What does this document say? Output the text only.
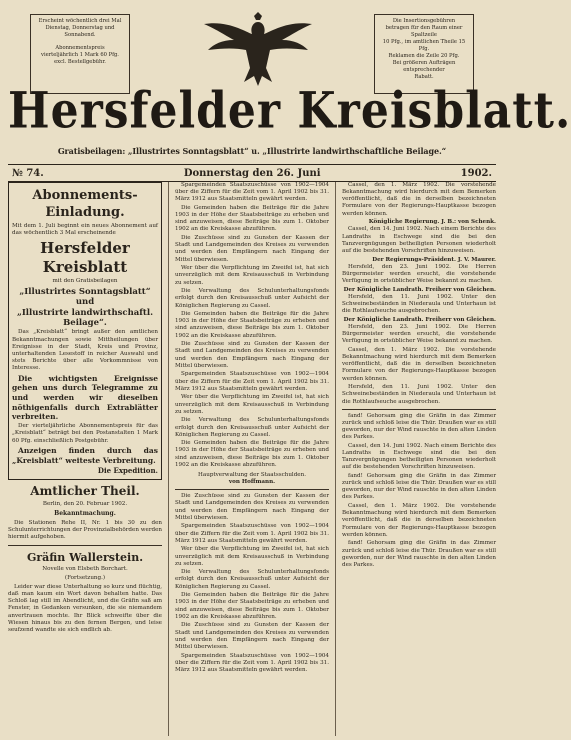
Erscheint wöchentlich drei Mal

Dienstag, Donnerstag und Sonnabend.

Abonnementspreis

vierteljährlich 1 Mark 60 Pfg.

excl. Bestellgebühr.

Die Insertionsgebühren

betragen für den Raum einer Spaltzeile

10 Pfg., im amtlichen Theile 15 Pfg.

Reklamen die Zeile 20 Pfg.

Bei größeren Aufträgen entsprechender

Rabatt.

Hersfelder Kreisblatt.
Gratisbeilagen: „Illustrirtes Sonntagsblatt“ u. „Illustrirte landwirthschaftliche Beilage.“
№ 74.	Donnerstag den 26. Juni	1902.
Abonnements-Einladung.

Mit dem 1. Juli beginnt ein neues Abonnement auf das wöchentlich 3 Mal erscheinende

Hersfelder Kreisblatt
mit den Gratisbeilagen
„Illustrirtes Sonntagsblatt“ und
„Illustrirte landwirthschaftl. Beilage“.

Das „Kreisblatt“ bringt außer den amtlichen Bekanntmachungen sowie Mittheilungen über Ereignisse in der Stadt, Kreis und Provinz, unterhaltenden Lesestoff in reicher Auswahl und stets Berichte über alle Vorkommnisse von Interesse.

Die wichtigsten Ereignisse gehen uns durch Telegramme zu und werden wir dieselben nöthigenfalls durch Extrablätter verbreiten.

Der vierteljährliche Abonnementspreis für das „Kreisblatt“ beträgt bei den Postanstalten 1 Mark 60 Pfg. einschließlich Postgebühr.

Anzeigen finden durch das „Kreisblatt“ weiteste Verbreitung.

Die Expedition.
Amtlicher Theil.
Berlin, den 20. Februar 1902.
Bekanntmachung.

Die Stationen Rehe II, Nr. 1 bis 30 zu den Schulunterrichtungen der Provinzialbehörden werden hiermit aufgehoben.

Gräfin Wallerstein.
Novelle von Elsbeth Borchart.
(Fortsetzung.)

Leider war diese Unterhaltung so kurz und flüchtig, daß man kaum ein Wort davon behalten hatte. Das Schloß lag still im Abendlicht, und die Gräfin saß am Fenster, in Gedanken versunken, die sie niemandem anvertrauen mochte. Ihr Blick schweifte über die Wiesen hinaus bis zu den fernen Bergen, und leise seufzend wandte sie sich endlich ab.

Spargemeinden Staatszuschüsse von 1902—1904 über die Ziffern für die Zeit vom 1. April 1902 bis 31. März 1912 aus Staatsmitteln gewährt werden.

Die Gemeinden haben die Beiträge für die Jahre 1903 in der Höhe der Staatsbeiträge zu erheben und sind anzuweisen, diese Beiträge bis zum 1. Oktober 1902 an die Kreiskasse abzuführen.

Die Zuschüsse sind zu Gunsten der Kassen der Stadt und Landgemeinden des Kreises zu verwenden und werden den Empfängern nach Eingang der Mittel überwiesen.

Wer über die Verpflichtung im Zweifel ist, hat sich unverzüglich mit dem Kreisausschuß in Verbindung zu setzen.

Die Verwaltung des Schulunterhaltungsfonds erfolgt durch den Kreisausschuß unter Aufsicht der Königlichen Regierung zu Cassel.

Die Gemeinden haben die Beiträge für die Jahre 1903 in der Höhe der Staatsbeiträge zu erheben und sind anzuweisen, diese Beiträge bis zum 1. Oktober 1902 an die Kreiskasse abzuführen.

Die Zuschüsse sind zu Gunsten der Kassen der Stadt und Landgemeinden des Kreises zu verwenden und werden den Empfängern nach Eingang der Mittel überwiesen.

Spargemeinden Staatszuschüsse von 1902—1904 über die Ziffern für die Zeit vom 1. April 1902 bis 31. März 1912 aus Staatsmitteln gewährt werden.

Wer über die Verpflichtung im Zweifel ist, hat sich unverzüglich mit dem Kreisausschuß in Verbindung zu setzen.

Die Verwaltung des Schulunterhaltungsfonds erfolgt durch den Kreisausschuß unter Aufsicht der Königlichen Regierung zu Cassel.

Die Gemeinden haben die Beiträge für die Jahre 1903 in der Höhe der Staatsbeiträge zu erheben und sind anzuweisen, diese Beiträge bis zum 1. Oktober 1902 an die Kreiskasse abzuführen.

Hauptverwaltung der Staatsschulden.
von Hoffmann.

Die Zuschüsse sind zu Gunsten der Kassen der Stadt und Landgemeinden des Kreises zu verwenden und werden den Empfängern nach Eingang der Mittel überwiesen.

Spargemeinden Staatszuschüsse von 1902—1904 über die Ziffern für die Zeit vom 1. April 1902 bis 31. März 1912 aus Staatsmitteln gewährt werden.

Wer über die Verpflichtung im Zweifel ist, hat sich unverzüglich mit dem Kreisausschuß in Verbindung zu setzen.

Die Verwaltung des Schulunterhaltungsfonds erfolgt durch den Kreisausschuß unter Aufsicht der Königlichen Regierung zu Cassel.

Die Gemeinden haben die Beiträge für die Jahre 1903 in der Höhe der Staatsbeiträge zu erheben und sind anzuweisen, diese Beiträge bis zum 1. Oktober 1902 an die Kreiskasse abzuführen.

Die Zuschüsse sind zu Gunsten der Kassen der Stadt und Landgemeinden des Kreises zu verwenden und werden den Empfängern nach Eingang der Mittel überwiesen.

Spargemeinden Staatszuschüsse von 1902—1904 über die Ziffern für die Zeit vom 1. April 1902 bis 31. März 1912 aus Staatsmitteln gewährt werden.

Cassel, den 1. März 1902. Die vorstehende Bekanntmachung wird hierdurch mit dem Bemerken veröffentlicht, daß die in derselben bezeichneten Formulare von der Regierungs-Hauptkasse bezogen werden können.

Königliche Regierung. J. B.: von Schenk.

Cassel, den 14. Juni 1902. Nach einem Berichte des Landraths in Eschwege sind die bei den Tanzvergnügungen betheiligten Personen wiederholt auf die bestehenden Vorschriften hinzuweisen.

Der Regierungs-Präsident. J. V. Maurer.

Hersfeld, den 23. Juni 1902. Die Herren Bürgermeister werden ersucht, die vorstehende Verfügung in ortsüblicher Weise bekannt zu machen.

Der Königliche Landrath. Freiherr von Gleichen.

Hersfeld, den 11. Juni 1902. Unter den Schweinebeständen in Niederaula und Unterhaun ist die Rothlaufseuche ausgebrochen.

Der Königliche Landrath. Freiherr von Gleichen.

Hersfeld, den 23. Juni 1902. Die Herren Bürgermeister werden ersucht, die vorstehende Verfügung in ortsüblicher Weise bekannt zu machen.

Cassel, den 1. März 1902. Die vorstehende Bekanntmachung wird hierdurch mit dem Bemerken veröffentlicht, daß die in derselben bezeichneten Formulare von der Regierungs-Hauptkasse bezogen werden können.

Hersfeld, den 11. Juni 1902. Unter den Schweinebeständen in Niederaula und Unterhaun ist die Rothlaufseuche ausgebrochen.

fand! Gehorsam ging die Gräfin in das Zimmer zurück und schloß leise die Thür. Draußen war es still geworden, nur der Wind rauschte in den alten Linden des Parkes.

Cassel, den 14. Juni 1902. Nach einem Berichte des Landraths in Eschwege sind die bei den Tanzvergnügungen betheiligten Personen wiederholt auf die bestehenden Vorschriften hinzuweisen.

fand! Gehorsam ging die Gräfin in das Zimmer zurück und schloß leise die Thür. Draußen war es still geworden, nur der Wind rauschte in den alten Linden des Parkes.

Cassel, den 1. März 1902. Die vorstehende Bekanntmachung wird hierdurch mit dem Bemerken veröffentlicht, daß die in derselben bezeichneten Formulare von der Regierungs-Hauptkasse bezogen werden können.

fand! Gehorsam ging die Gräfin in das Zimmer zurück und schloß leise die Thür. Draußen war es still geworden, nur der Wind rauschte in den alten Linden des Parkes.
